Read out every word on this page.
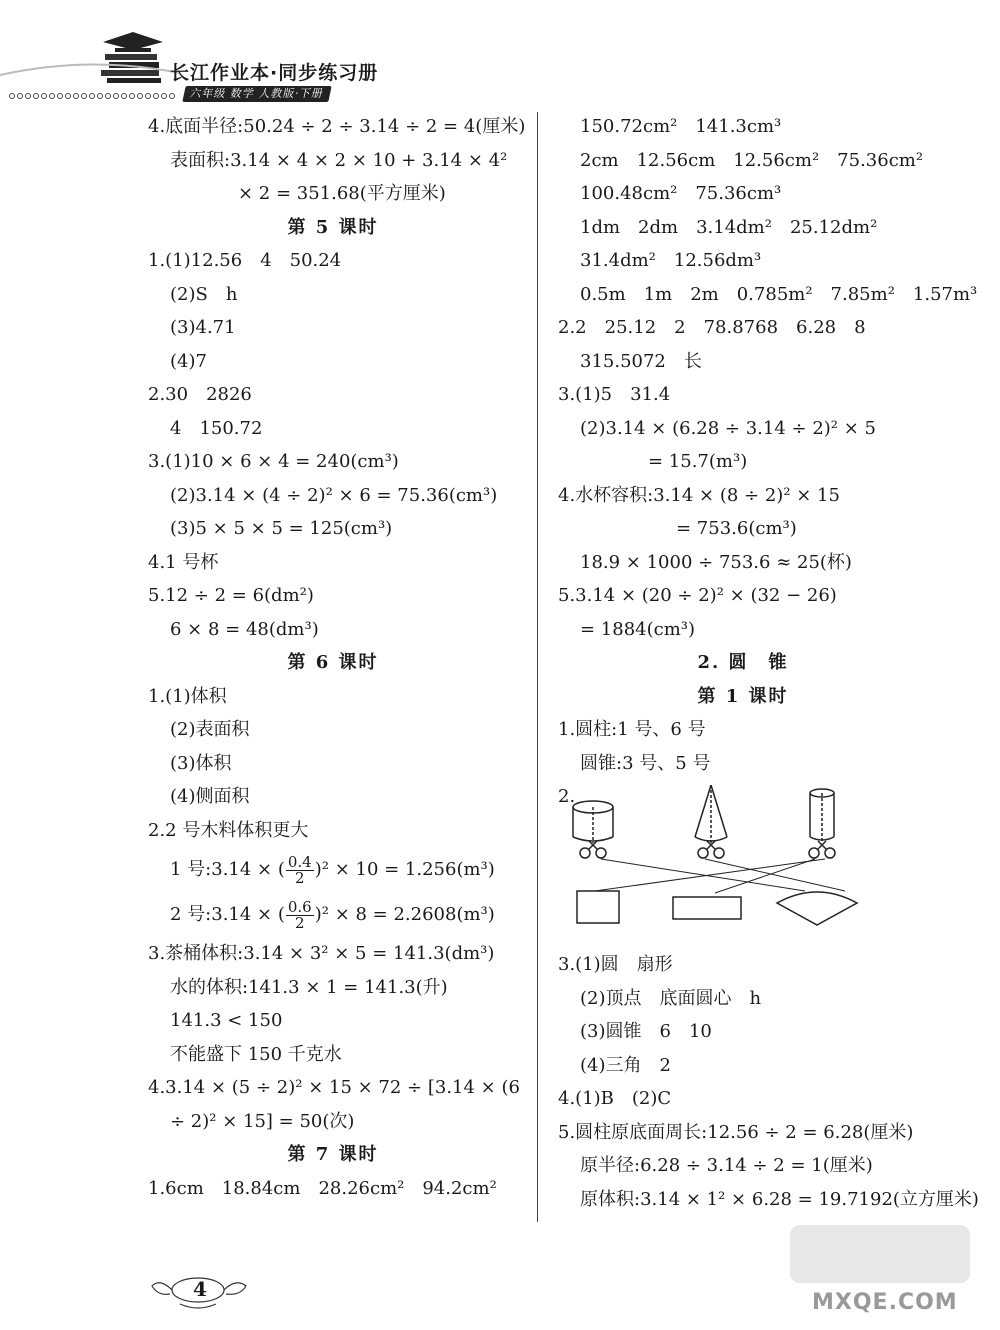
长江作业本·同步练习册
六年级 数学 人教版·下册
4.底面半径:50.24 ÷ 2 ÷ 3.14 ÷ 2 = 4(厘米)
表面积:3.14 × 4 × 2 × 10 + 3.14 × 4²
× 2 = 351.68(平方厘米)
第 5 课时
1.(1)12.56　4　50.24
(2)S　h
(3)4.71
(4)7
2.30　2826
4　150.72
3.(1)10 × 6 × 4 = 240(cm³)
(2)3.14 × (4 ÷ 2)² × 6 = 75.36(cm³)
(3)5 × 5 × 5 = 125(cm³)
4.1 号杯
5.12 ÷ 2 = 6(dm²)
6 × 8 = 48(dm³)
第 6 课时
1.(1)体积
(2)表面积
(3)体积
(4)侧面积
2.2 号木料体积更大
1 号:3.14 × ( $\frac{0.4}{2} )^2 \times 10 = 1.256(m^3)$
2 号:3.14 × ( $\frac{0.6}{2} )^2 \times 8 = 2.2608(m^3)$
3.茶桶体积:3.14 × 3² × 5 = 141.3(dm³)
水的体积:141.3 × 1 = 141.3(升)
141.3 < 150
不能盛下 150 千克水
4.3.14 × (5 ÷ 2)² × 15 × 72 ÷ [3.14 × (6
÷ 2)² × 15] = 50(次)
第 7 课时
1.6cm　18.84cm　28.26cm²　94.2cm²
150.72cm²　141.3cm³
2cm　12.56cm　12.56cm²　75.36cm²
100.48cm²　75.36cm³
1dm　2dm　3.14dm²　25.12dm²
31.4dm²　12.56dm³
0.5m　1m　2m　0.785m²　7.85m²　1.57m³
2.2　25.12　2　78.8768　6.28　8
315.5072　长
3.(1)5　31.4
(2)3.14 × (6.28 ÷ 3.14 ÷ 2)² × 5
= 15.7(m³)
4.水杯容积:3.14 × (8 ÷ 2)² × 15
= 753.6(cm³)
18.9 × 1000 ÷ 753.6 ≈ 25(杯)
5.3.14 × (20 ÷ 2)² × (32 − 26)
= 1884(cm³)
2. 圆　锥
第 1 课时
1.圆柱:1 号、6 号
圆锥:3 号、5 号
2.
3.(1)圆　扇形
(2)顶点　底面圆心　h
(3)圆锥　6　10
(4)三角　2
4.(1)B　(2)C
5.圆柱原底面周长:12.56 ÷ 2 = 6.28(厘米)
原半径:6.28 ÷ 3.14 ÷ 2 = 1(厘米)
原体积:3.14 × 1² × 6.28 = 19.7192(立方厘米)
4
MXQE.COM
